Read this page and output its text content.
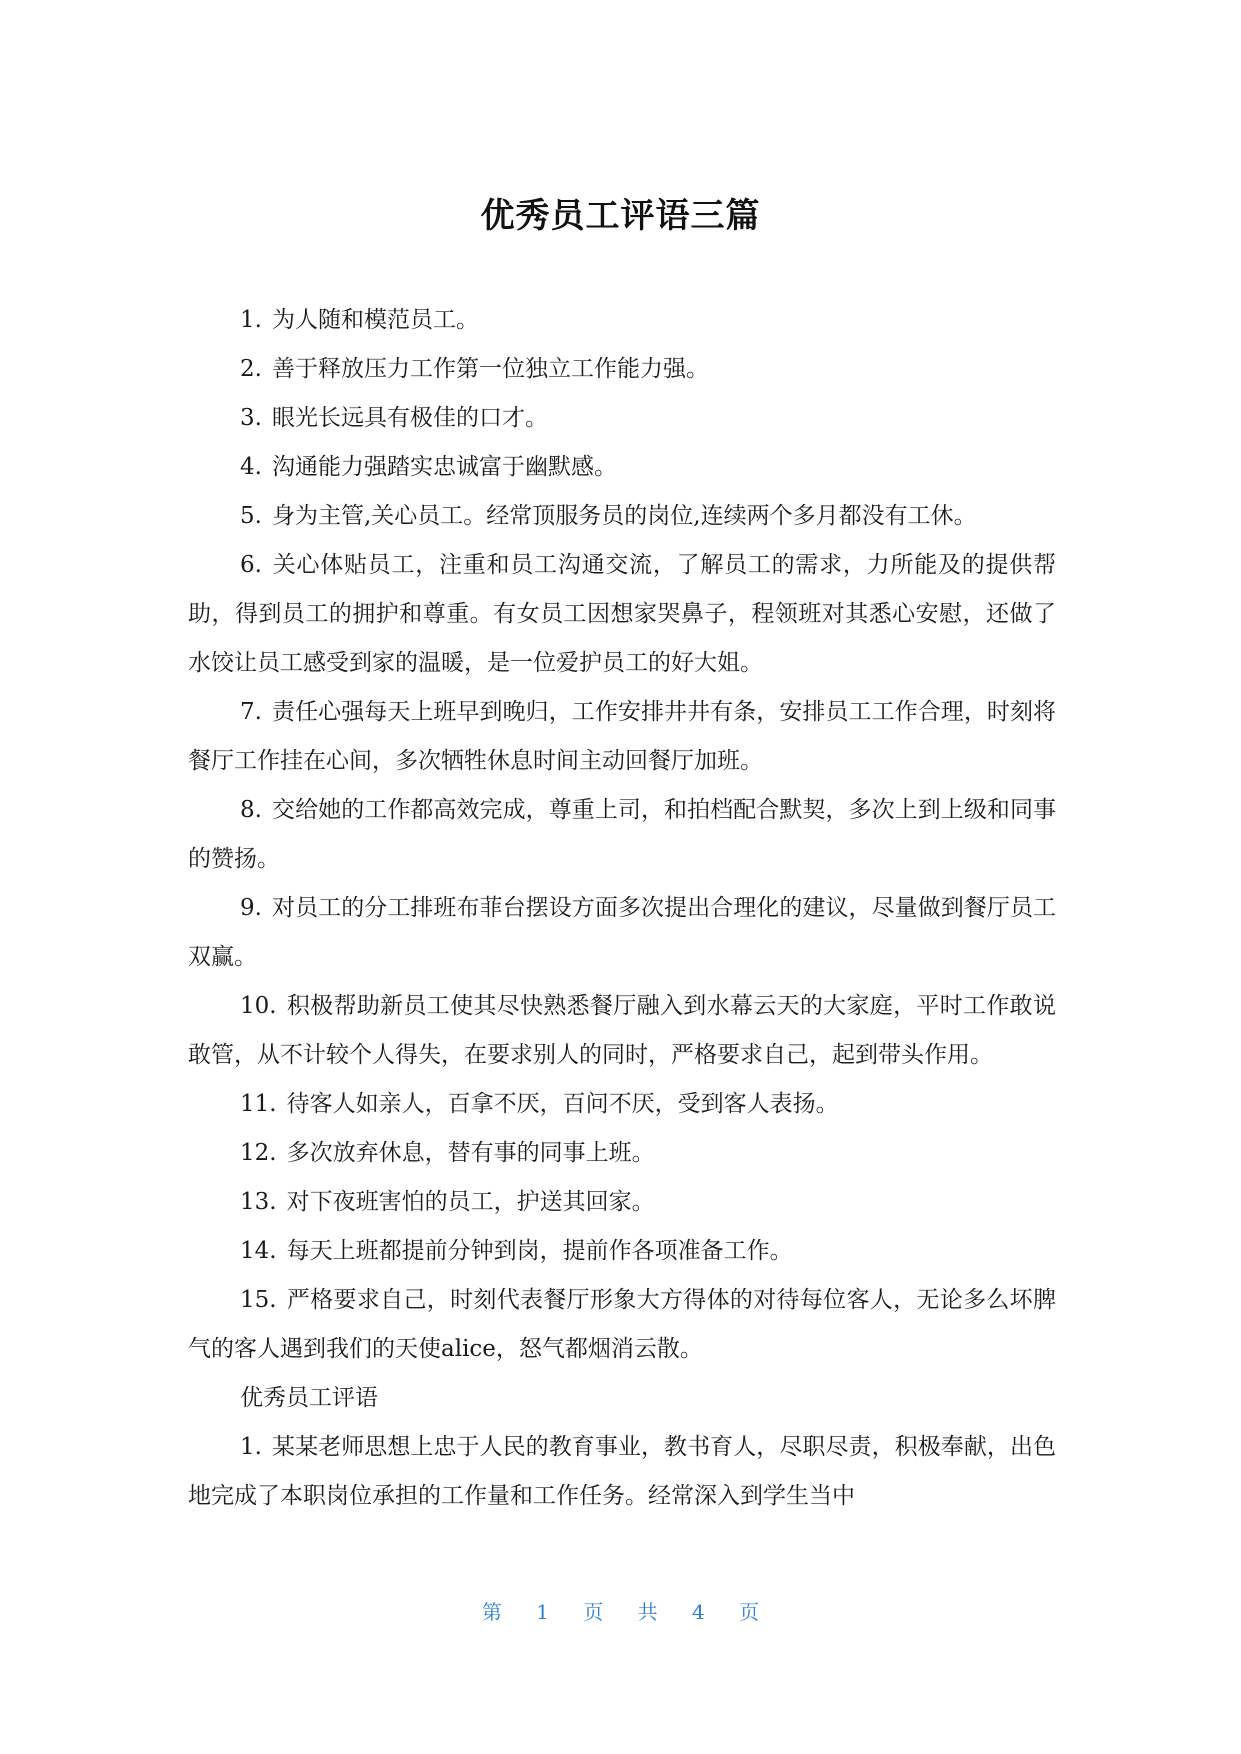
优秀员工评语三篇

1. 为人随和模范员工。

2. 善于释放压力工作第一位独立工作能力强。

3. 眼光长远具有极佳的口才。

4. 沟通能力强踏实忠诚富于幽默感。

5. 身为主管,关心员工。经常顶服务员的岗位,连续两个多月都没有工休。

6. 关心体贴员工，注重和员工沟通交流，了解员工的需求，力所能及的提供帮助，得到员工的拥护和尊重。有女员工因想家哭鼻子，程领班对其悉心安慰，还做了水饺让员工感受到家的温暖，是一位爱护员工的好大姐。

7. 责任心强每天上班早到晚归，工作安排井井有条，安排员工工作合理，时刻将餐厅工作挂在心间，多次牺牲休息时间主动回餐厅加班。

8. 交给她的工作都高效完成，尊重上司，和拍档配合默契，多次上到上级和同事的赞扬。

9. 对员工的分工排班布菲台摆设方面多次提出合理化的建议，尽量做到餐厅员工双赢。

10. 积极帮助新员工使其尽快熟悉餐厅融入到水幕云天的大家庭，平时工作敢说敢管，从不计较个人得失，在要求别人的同时，严格要求自己，起到带头作用。

11. 待客人如亲人，百拿不厌，百问不厌，受到客人表扬。

12. 多次放弃休息，替有事的同事上班。

13. 对下夜班害怕的员工，护送其回家。

14. 每天上班都提前分钟到岗，提前作各项准备工作。

15. 严格要求自己，时刻代表餐厅形象大方得体的对待每位客人，无论多么坏脾气的客人遇到我们的天使alice，怒气都烟消云散。

优秀员工评语

1. 某某老师思想上忠于人民的教育事业，教书育人，尽职尽责，积极奉献，出色地完成了本职岗位承担的工作量和工作任务。经常深入到学生当中

第 1 页 共 4 页
